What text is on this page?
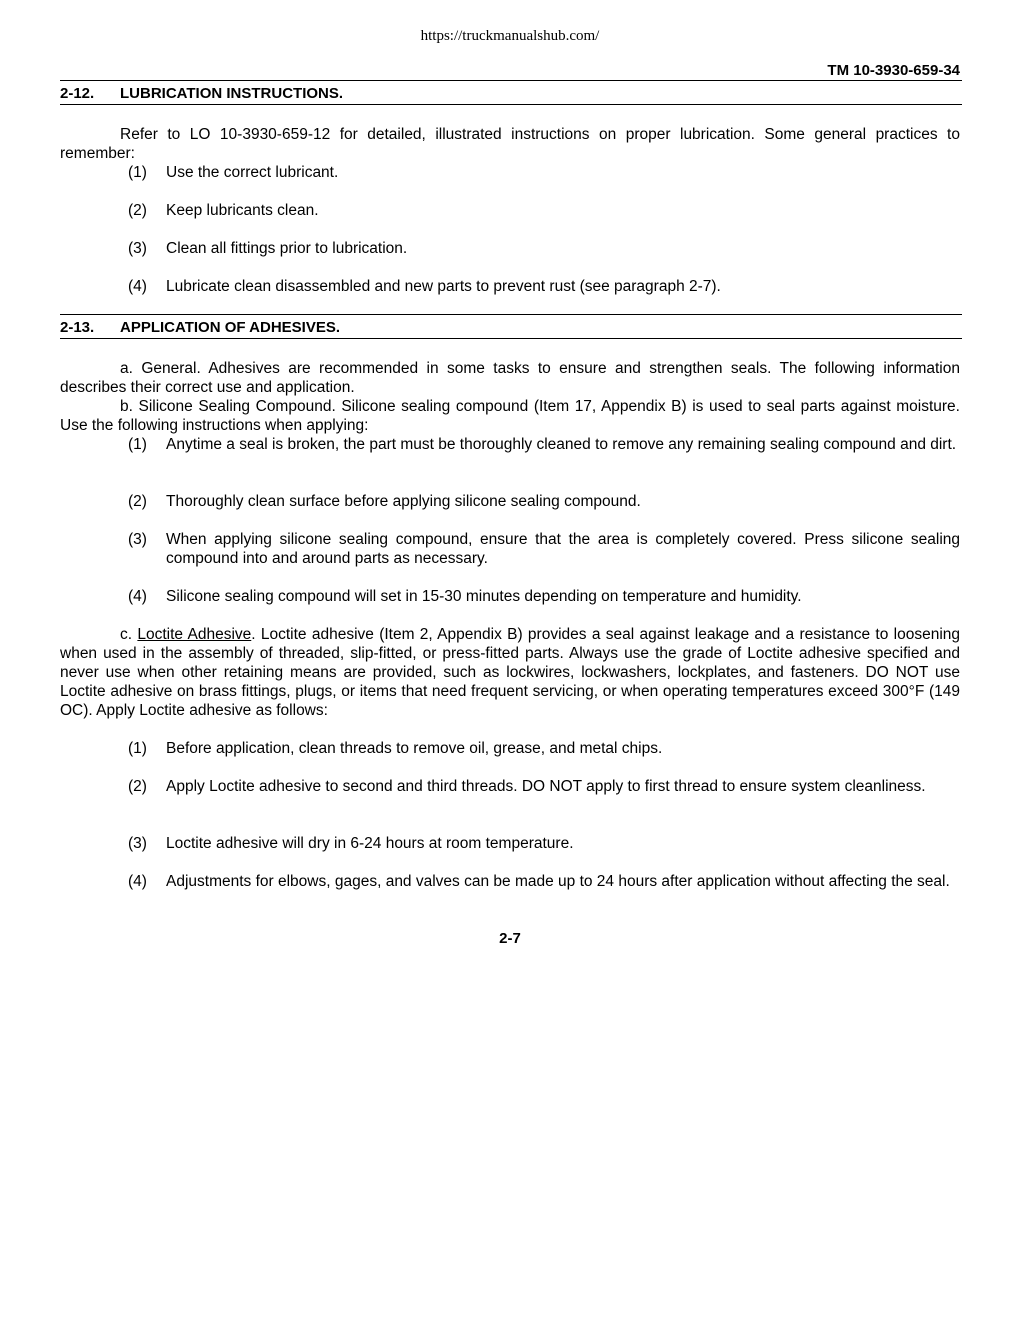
https://truckmanualshub.com/
TM 10-3930-659-34
2-12. LUBRICATION INSTRUCTIONS.
Refer to LO 10-3930-659-12 for detailed, illustrated instructions on proper lubrication. Some general practices to remember:
(1) Use the correct lubricant.
(2) Keep lubricants clean.
(3) Clean all fittings prior to lubrication.
(4) Lubricate clean disassembled and new parts to prevent rust (see paragraph 2-7).
2-13. APPLICATION OF ADHESIVES.
a. General. Adhesives are recommended in some tasks to ensure and strengthen seals. The following information describes their correct use and application.
b. Silicone Sealing Compound. Silicone sealing compound (Item 17, Appendix B) is used to seal parts against moisture. Use the following instructions when applying:
(1) Anytime a seal is broken, the part must be thoroughly cleaned to remove any remaining sealing compound and dirt.
(2) Thoroughly clean surface before applying silicone sealing compound.
(3) When applying silicone sealing compound, ensure that the area is completely covered. Press silicone sealing compound into and around parts as necessary.
(4) Silicone sealing compound will set in 15-30 minutes depending on temperature and humidity.
c. Loctite Adhesive. Loctite adhesive (Item 2, Appendix B) provides a seal against leakage and a resistance to loosening when used in the assembly of threaded, slip-fitted, or press-fitted parts. Always use the grade of Loctite adhesive specified and never use when other retaining means are provided, such as lockwires, lockwashers, lockplates, and fasteners. DO NOT use Loctite adhesive on brass fittings, plugs, or items that need frequent servicing, or when operating temperatures exceed 300°F (149 OC). Apply Loctite adhesive as follows:
(1) Before application, clean threads to remove oil, grease, and metal chips.
(2) Apply Loctite adhesive to second and third threads. DO NOT apply to first thread to ensure system cleanliness.
(3) Loctite adhesive will dry in 6-24 hours at room temperature.
(4) Adjustments for elbows, gages, and valves can be made up to 24 hours after application without affecting the seal.
2-7
